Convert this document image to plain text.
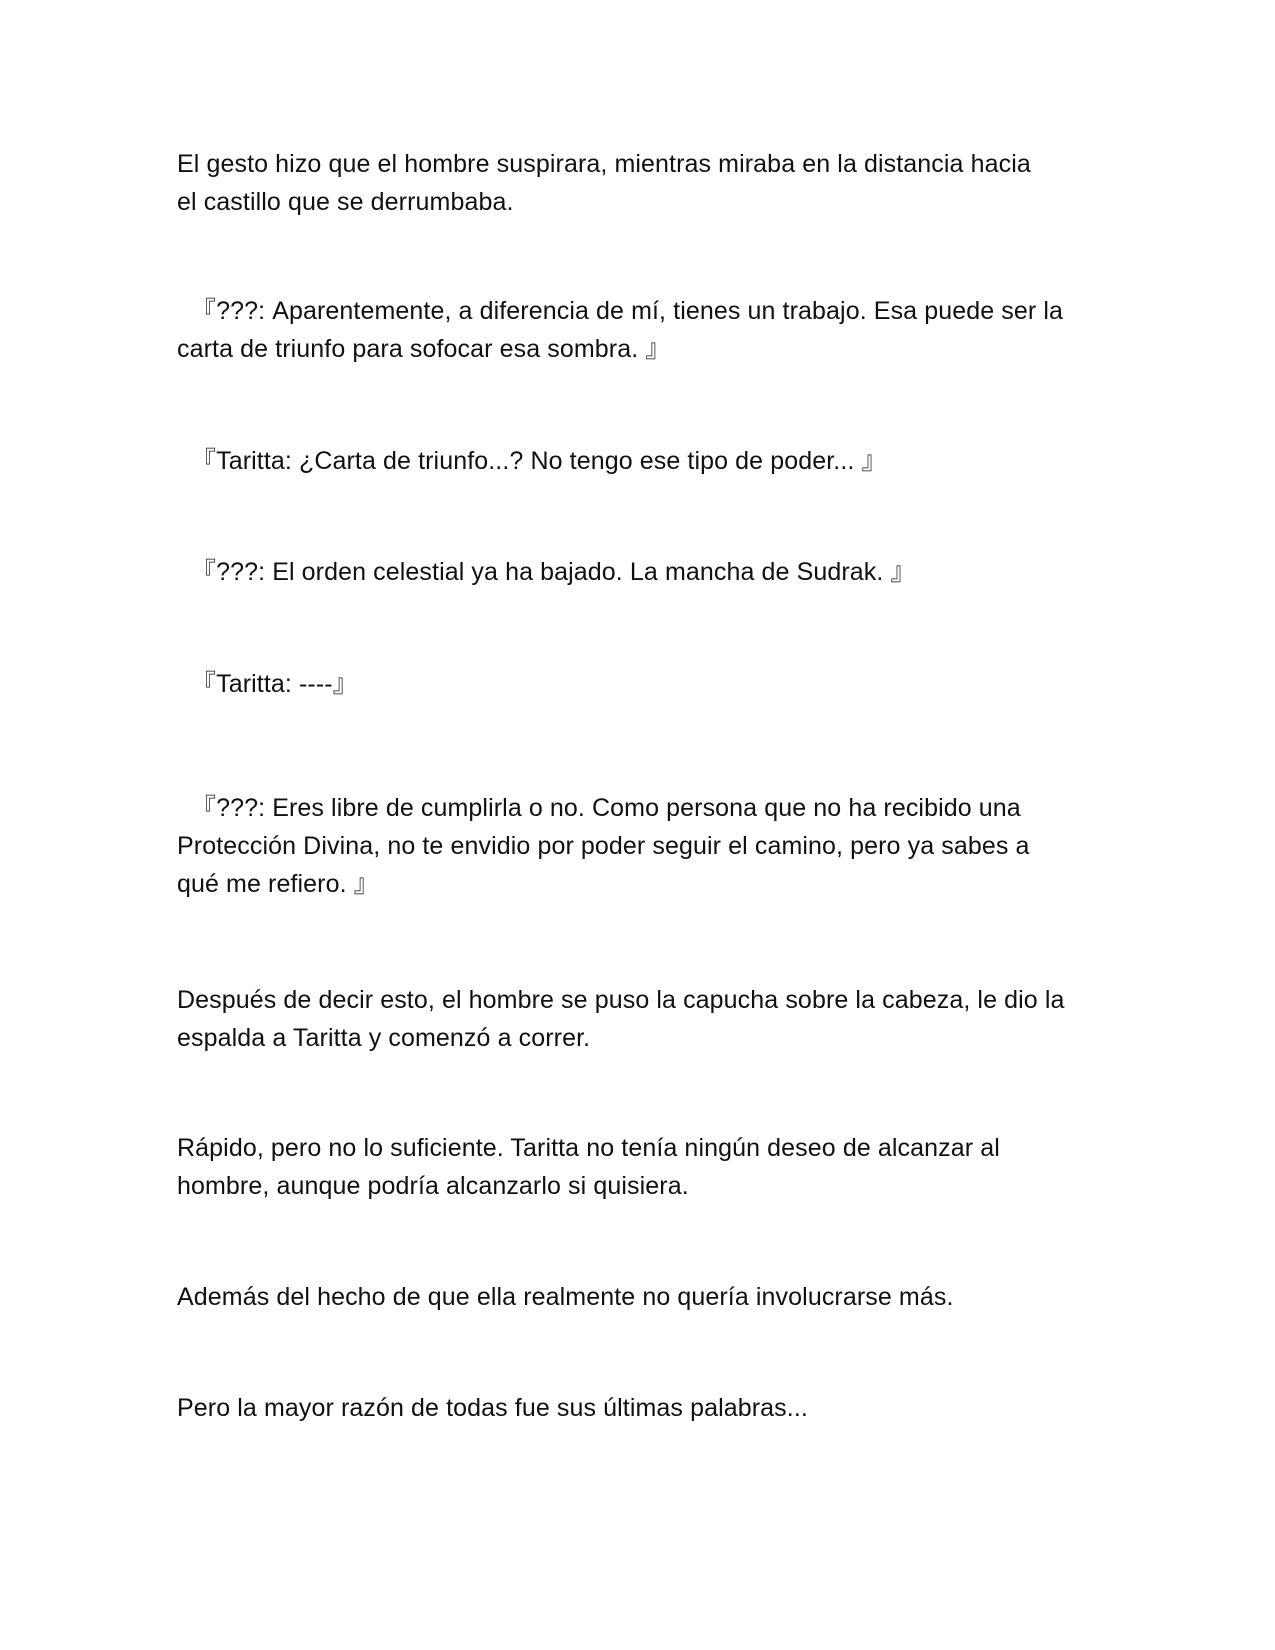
El gesto hizo que el hombre suspirara, mientras miraba en la distancia hacia
el castillo que se derrumbaba.

『???: Aparentemente, a diferencia de mí, tienes un trabajo. Esa puede ser la
carta de triunfo para sofocar esa sombra. 』

『Taritta: ¿Carta de triunfo...? No tengo ese tipo de poder... 』

『???: El orden celestial ya ha bajado. La mancha de Sudrak. 』

『Taritta: ----』

『???: Eres libre de cumplirla o no. Como persona que no ha recibido una
Protección Divina, no te envidio por poder seguir el camino, pero ya sabes a
qué me refiero. 』

Después de decir esto, el hombre se puso la capucha sobre la cabeza, le dio la
espalda a Taritta y comenzó a correr.

Rápido, pero no lo suficiente. Taritta no tenía ningún deseo de alcanzar al
hombre, aunque podría alcanzarlo si quisiera.

Además del hecho de que ella realmente no quería involucrarse más.

Pero la mayor razón de todas fue sus últimas palabras...
